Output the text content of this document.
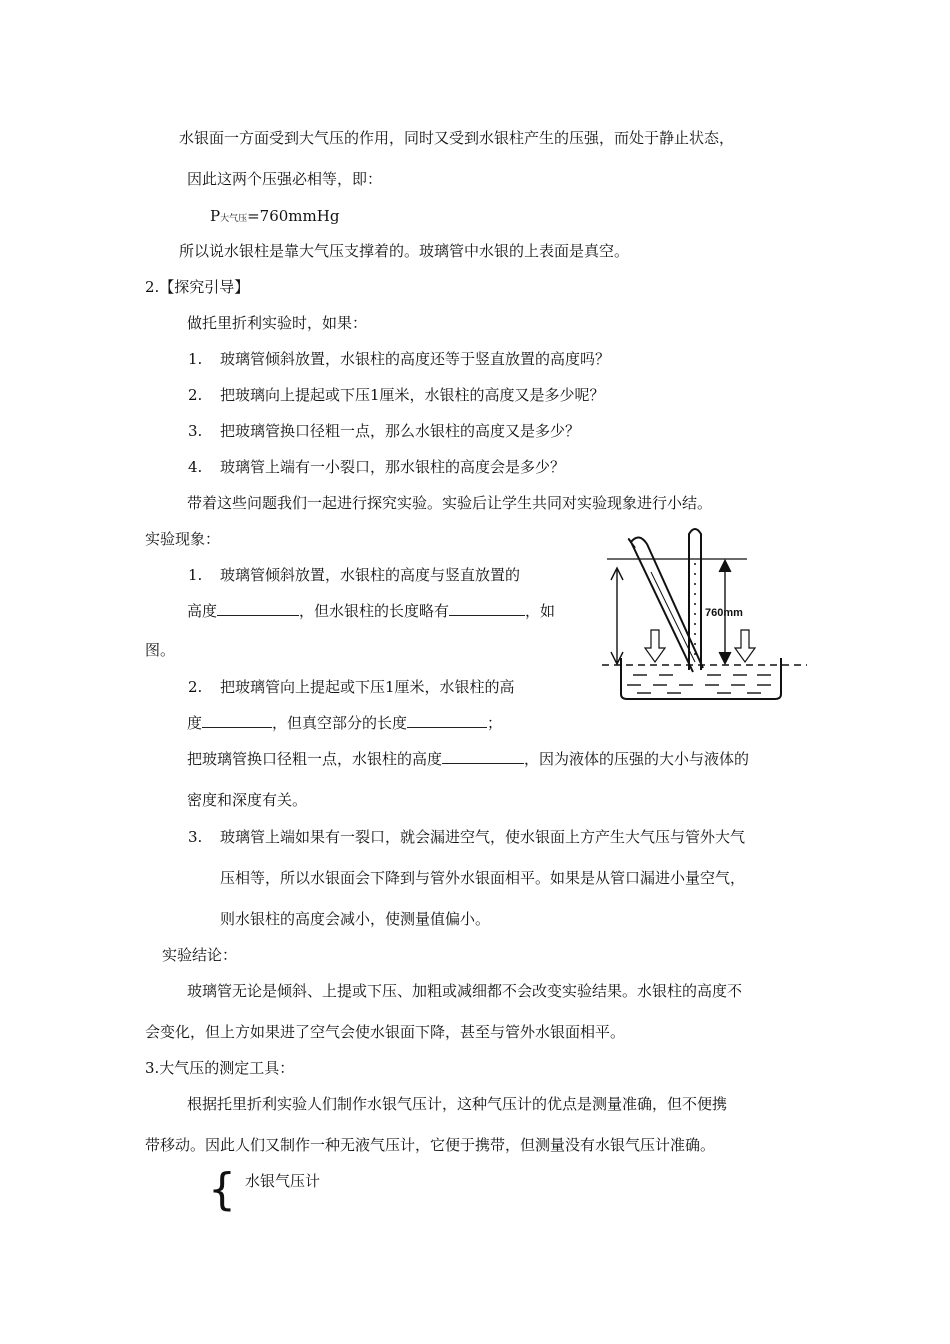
水银面一方面受到大气压的作用，同时又受到水银柱产生的压强，而处于静止状态，
因此这两个压强必相等，即：
P大气压=760mmHg
所以说水银柱是靠大气压支撑着的。玻璃管中水银的上表面是真空。
2.【探究引导】
做托里折利实验时，如果：
1. 玻璃管倾斜放置，水银柱的高度还等于竖直放置的高度吗？
2. 把玻璃向上提起或下压1厘米，水银柱的高度又是多少呢？
3. 把玻璃管换口径粗一点，那么水银柱的高度又是多少？
4. 玻璃管上端有一小裂口，那水银柱的高度会是多少？
带着这些问题我们一起进行探究实验。实验后让学生共同对实验现象进行小结。
实验现象：
1. 玻璃管倾斜放置，水银柱的高度与竖直放置的
高度	，但水银柱的长度略有	，如
图。
2. 把玻璃管向上提起或下压1厘米，水银柱的高
度	，但真空部分的长度	；
把玻璃管换口径粗一点，水银柱的高度	，因为液体的压强的大小与液体的
密度和深度有关。
3. 玻璃管上端如果有一裂口，就会漏进空气，使水银面上方产生大气压与管外大气
压相等，所以水银面会下降到与管外水银面相平。如果是从管口漏进小量空气，
则水银柱的高度会减小，使测量值偏小。
实验结论：
玻璃管无论是倾斜、上提或下压、加粗或减细都不会改变实验结果。水银柱的高度不
会变化，但上方如果进了空气会使水银面下降，甚至与管外水银面相平。
3.大气压的测定工具：
根据托里折利实验人们制作水银气压计，这种气压计的优点是测量准确，但不便携
带移动。因此人们又制作一种无液气压计，它便于携带，但测量没有水银气压计准确。
{ 水银气压计
760mm
